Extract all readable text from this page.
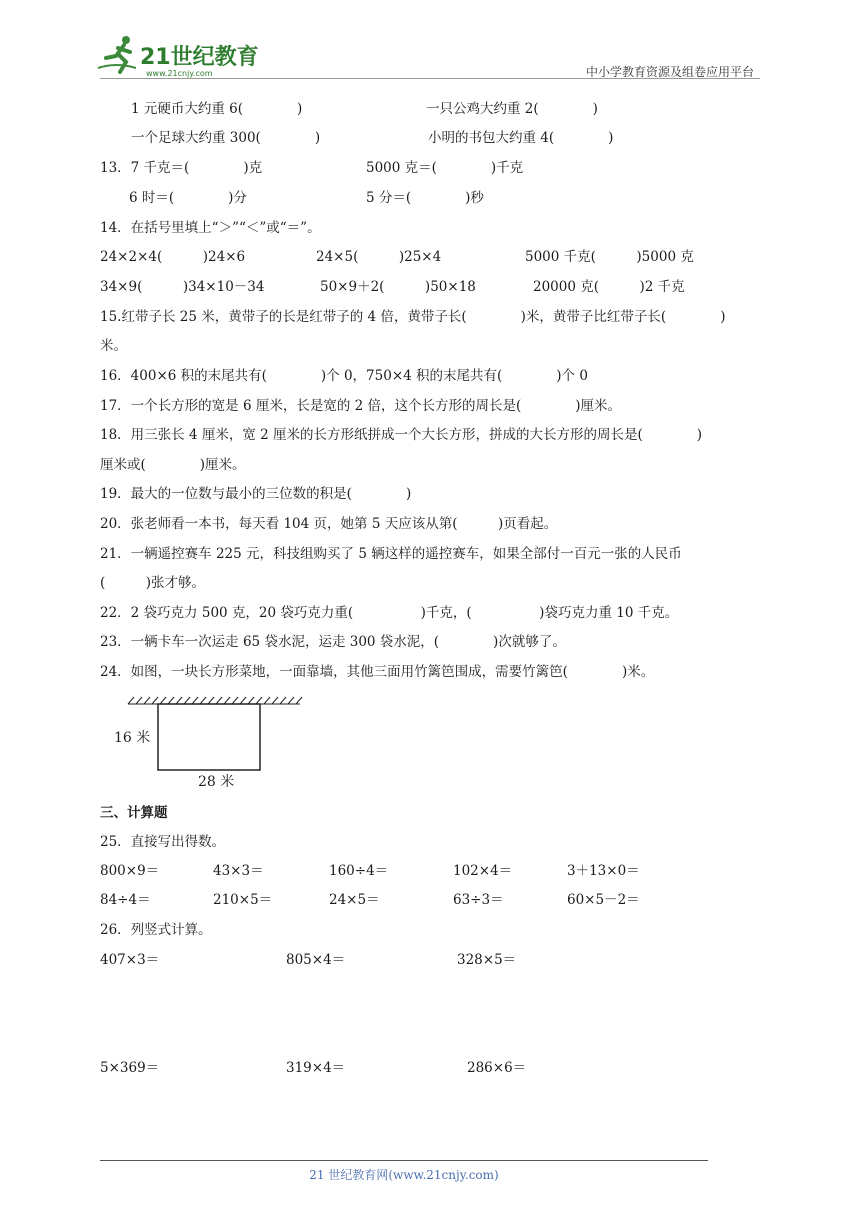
21世纪教育
www.21cnjy.com	中小学教育资源及组卷应用平台
1 元硬币大约重 6(　　　　)	一只公鸡大约重 2(　　　　)
一个足球大约重 300(　　　　)	小明的书包大约重 4(　　　　)
13．7 千克＝(　　　　)克	5000 克＝(　　　　)千克
6 时＝(　　　　)分	5 分＝(　　　　)秒
14．在括号里填上“＞”“＜”或“＝”。
24×2×4(　　　)24×6	24×5(　　　)25×4	5000 千克(　　　)5000 克
34×9(　　　)34×10－34	50×9＋2(　　　)50×18	20000 克(　　　)2 千克
15.红带子长 25 米，黄带子的长是红带子的 4 倍，黄带子长(　　　　)米，黄带子比红带子长(　　　　)
米。
16．400×6 积的末尾共有(　　　　)个 0，750×4 积的末尾共有(　　　　)个 0
17．一个长方形的宽是 6 厘米，长是宽的 2 倍，这个长方形的周长是(　　　　)厘米。
18．用三张长 4 厘米，宽 2 厘米的长方形纸拼成一个大长方形，拼成的大长方形的周长是(　　　　)
厘米或(　　　　)厘米。
19．最大的一位数与最小的三位数的积是(　　　　)
20．张老师看一本书，每天看 104 页，她第 5 天应该从第(　　　)页看起。
21．一辆遥控赛车 225 元，科技组购买了 5 辆这样的遥控赛车，如果全部付一百元一张的人民币
(　　　)张才够。
22．2 袋巧克力 500 克，20 袋巧克力重(　　　　　)千克，(　　　　　)袋巧克力重 10 千克。
23．一辆卡车一次运走 65 袋水泥，运走 300 袋水泥，(　　　　)次就够了。
24．如图，一块长方形菜地，一面靠墙，其他三面用竹篱笆围成，需要竹篱笆(　　　　)米。
16 米
28 米
三、计算题
25．直接写出得数。
800×9＝	43×3＝	160÷4＝	102×4＝	3＋13×0＝
84÷4＝	210×5＝	24×5＝	63÷3＝	60×5－2＝
26．列竖式计算。
407×3＝	805×4＝	328×5＝
5×369＝	319×4＝	286×6＝
21 世纪教育网(www.21cnjy.com)
